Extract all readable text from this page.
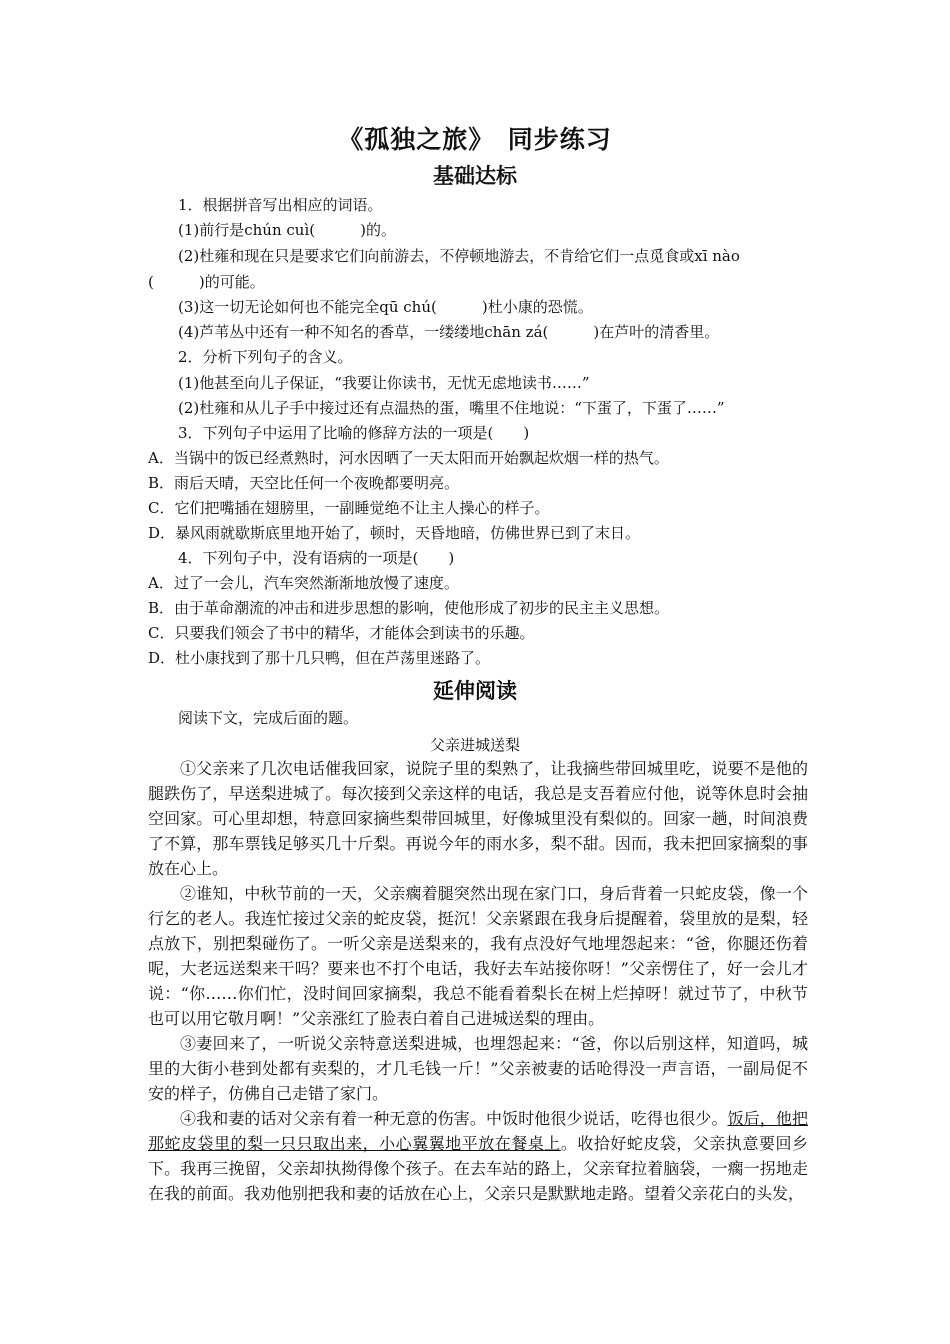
《孤独之旅》　同步练习
基础达标
1．根据拼音写出相应的词语。
(1)前行是chún cuì(　　　)的。
(2)杜雍和现在只是要求它们向前游去，不停顿地游去，不肯给它们一点觅食或xī nào
(　　　)的可能。
(3)这一切无论如何也不能完全qū chú(　　　)杜小康的恐慌。
(4)芦苇丛中还有一种不知名的香草，一缕缕地chān zá(　　　)在芦叶的清香里。
2．分析下列句子的含义。
(1)他甚至向儿子保证，“我要让你读书，无忧无虑地读书……”
(2)杜雍和从儿子手中接过还有点温热的蛋，嘴里不住地说：“下蛋了，下蛋了……”
3．下列句子中运用了比喻的修辞方法的一项是(　　)
A．当锅中的饭已经煮熟时，河水因晒了一天太阳而开始飘起炊烟一样的热气。
B．雨后天晴，天空比任何一个夜晚都要明亮。
C．它们把嘴插在翅膀里，一副睡觉绝不让主人操心的样子。
D．暴风雨就歇斯底里地开始了，顿时，天昏地暗，仿佛世界已到了末日。
4．下列句子中，没有语病的一项是(　　)
A．过了一会儿，汽车突然渐渐地放慢了速度。
B．由于革命潮流的冲击和进步思想的影响，使他形成了初步的民主主义思想。
C．只要我们领会了书中的精华，才能体会到读书的乐趣。
D．杜小康找到了那十几只鸭，但在芦荡里迷路了。
延伸阅读
阅读下文，完成后面的题。
父亲进城送梨
①父亲来了几次电话催我回家，说院子里的梨熟了，让我摘些带回城里吃，说要不是他的腿跌伤了，早送梨进城了。每次接到父亲这样的电话，我总是支吾着应付他，说等休息时会抽空回家。可心里却想，特意回家摘些梨带回城里，好像城里没有梨似的。回家一趟，时间浪费了不算，那车票钱足够买几十斤梨。再说今年的雨水多，梨不甜。因而，我未把回家摘梨的事放在心上。
②谁知，中秋节前的一天，父亲瘸着腿突然出现在家门口，身后背着一只蛇皮袋，像一个行乞的老人。我连忙接过父亲的蛇皮袋，挺沉！父亲紧跟在我身后提醒着，袋里放的是梨，轻点放下，别把梨碰伤了。一听父亲是送梨来的，我有点没好气地埋怨起来：“爸，你腿还伤着呢，大老远送梨来干吗？要来也不打个电话，我好去车站接你呀！”父亲愣住了，好一会儿才说：“你……你们忙，没时间回家摘梨，我总不能看着梨长在树上烂掉呀！就过节了，中秋节也可以用它敬月啊！”父亲涨红了脸表白着自己进城送梨的理由。
③妻回来了，一听说父亲特意送梨进城，也埋怨起来：“爸，你以后别这样，知道吗，城里的大街小巷到处都有卖梨的，才几毛钱一斤！”父亲被妻的话呛得没一声言语，一副局促不安的样子，仿佛自己走错了家门。
④我和妻的话对父亲有着一种无意的伤害。中饭时他很少说话，吃得也很少。饭后，他把那蛇皮袋里的梨一只只取出来，小心翼翼地平放在餐桌上。收拾好蛇皮袋，父亲执意要回乡下。我再三挽留，父亲却执拗得像个孩子。在去车站的路上，父亲耷拉着脑袋，一瘸一拐地走在我的前面。我劝他别把我和妻的话放在心上，父亲只是默默地走路。望着父亲花白的头发，
